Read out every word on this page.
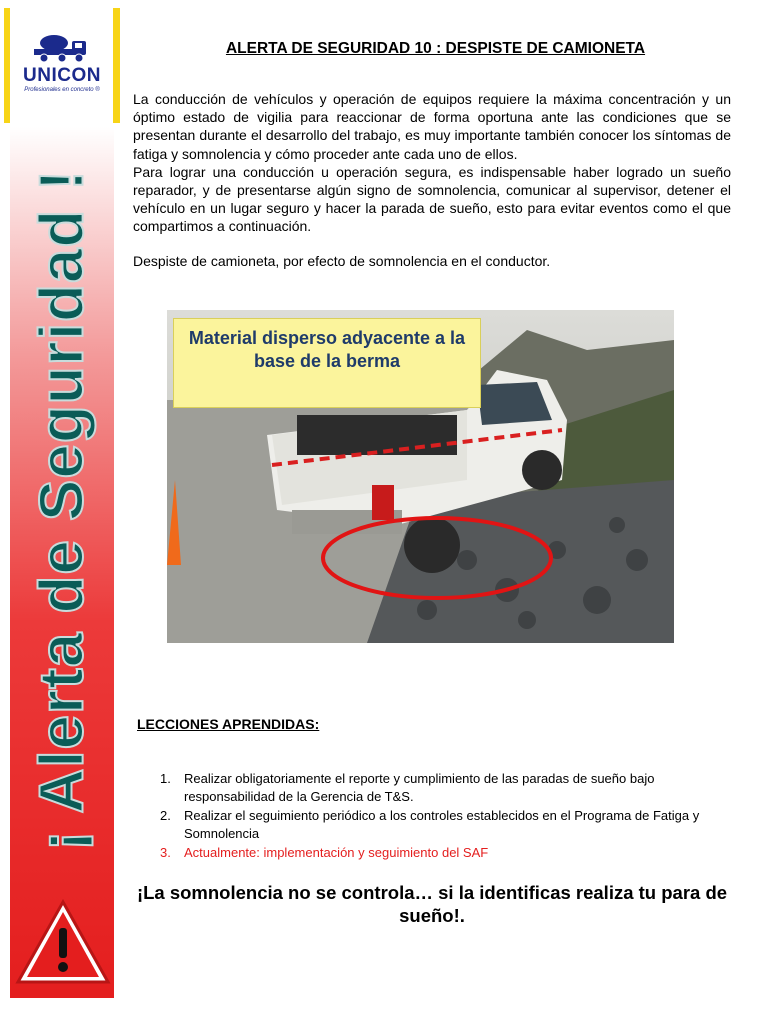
UNICON
Profesionales en concreto ®
¡ Alerta de Seguridad !
ALERTA DE SEGURIDAD 10 : DESPISTE DE CAMIONETA
La conducción de vehículos y operación de equipos requiere la máxima concentración y un óptimo estado de vigilia para reaccionar de forma oportuna ante las condiciones que se presentan durante el desarrollo del trabajo, es muy importante también conocer los síntomas de fatiga y somnolencia y cómo proceder ante cada uno de ellos.
Para lograr una conducción u operación segura, es indispensable haber logrado un sueño reparador, y de presentarse algún signo de somnolencia, comunicar al supervisor, detener el vehículo en un lugar seguro y hacer la parada de sueño, esto para evitar eventos como el que compartimos a continuación.
Despiste de camioneta, por efecto de somnolencia en el conductor.
Material disperso adyacente a la base de la berma
LECCIONES APRENDIDAS:
1. Realizar obligatoriamente el reporte y cumplimiento de las paradas de sueño bajo responsabilidad de la Gerencia de T&S.
2. Realizar el seguimiento periódico a los controles establecidos en el Programa de Fatiga y Somnolencia
3. Actualmente: implementación y seguimiento del SAF
¡La somnolencia no se controla… si la identificas realiza tu para de sueño!.
